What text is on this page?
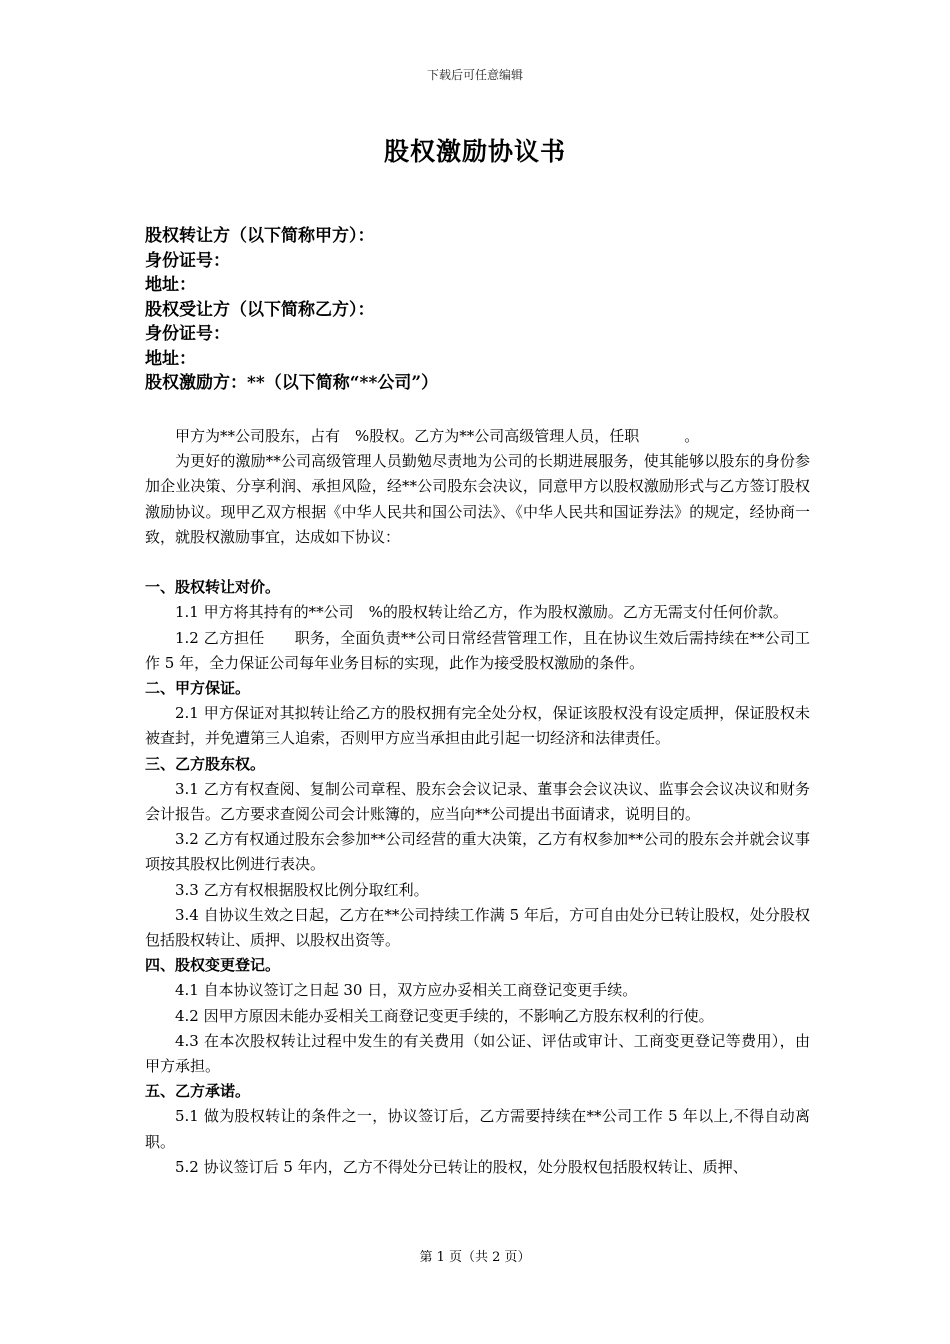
下载后可任意编辑
股权激励协议书
股权转让方（以下简称甲方）：
身份证号：
地址：
股权受让方（以下简称乙方）：
身份证号：
地址：
股权激励方：**（以下简称“**公司”）

甲方为**公司股东，占有　%股权。乙方为**公司高级管理人员，任职　　　。

为更好的激励**公司高级管理人员勤勉尽责地为公司的长期进展服务，使其能够以股东的身份参加企业决策、分享利润、承担风险，经**公司股东会决议，同意甲方以股权激励形式与乙方签订股权激励协议。现甲乙双方根据《中华人民共和国公司法》、《中华人民共和国证券法》的规定，经协商一致，就股权激励事宜，达成如下协议：

一、股权转让对价。

1.1 甲方将其持有的**公司　%的股权转让给乙方，作为股权激励。乙方无需支付任何价款。

1.2 乙方担任　　职务，全面负责**公司日常经营管理工作，且在协议生效后需持续在**公司工作 5 年，全力保证公司每年业务目标的实现，此作为接受股权激励的条件。

二、甲方保证。

2.1 甲方保证对其拟转让给乙方的股权拥有完全处分权，保证该股权没有设定质押，保证股权未被查封，并免遭第三人追索，否则甲方应当承担由此引起一切经济和法律责任。

三、乙方股东权。

3.1 乙方有权查阅、复制公司章程、股东会会议记录、董事会会议决议、监事会会议决议和财务会计报告。乙方要求查阅公司会计账簿的，应当向**公司提出书面请求，说明目的。

3.2 乙方有权通过股东会参加**公司经营的重大决策，乙方有权参加**公司的股东会并就会议事项按其股权比例进行表决。

3.3 乙方有权根据股权比例分取红利。

3.4 自协议生效之日起，乙方在**公司持续工作满 5 年后，方可自由处分已转让股权，处分股权包括股权转让、质押、以股权出资等。

四、股权变更登记。

4.1 自本协议签订之日起 30 日，双方应办妥相关工商登记变更手续。

4.2 因甲方原因未能办妥相关工商登记变更手续的，不影响乙方股东权利的行使。

4.3 在本次股权转让过程中发生的有关费用（如公证、评估或审计、工商变更登记等费用），由甲方承担。

五、乙方承诺。

5.1 做为股权转让的条件之一，协议签订后，乙方需要持续在**公司工作 5 年以上,不得自动离职。

5.2 协议签订后 5 年内，乙方不得处分已转让的股权，处分股权包括股权转让、质押、

第 1 页（共 2 页）
